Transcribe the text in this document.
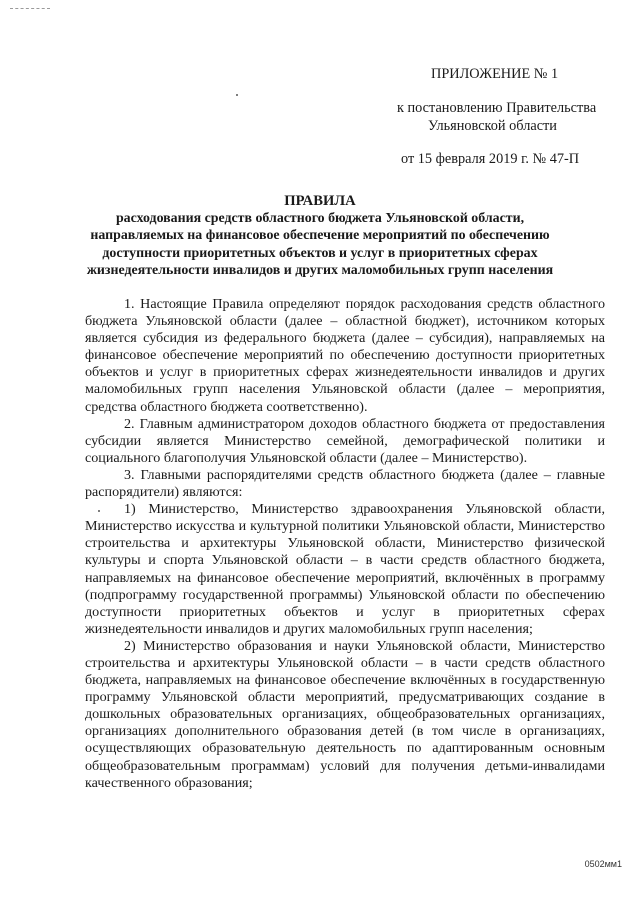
ПРИЛОЖЕНИЕ № 1
к постановлению Правительства
Ульяновской области
от 15 февраля 2019 г. № 47-П
ПРАВИЛА
расходования средств областного бюджета Ульяновской области, направляемых на финансовое обеспечение мероприятий по обеспечению доступности приоритетных объектов и услуг в приоритетных сферах жизнедеятельности инвалидов и других маломобильных групп населения

1. Настоящие Правила определяют порядок расходования средств областного бюджета Ульяновской области (далее – областной бюджет), источником которых является субсидия из федерального бюджета (далее – субсидия), направляемых на финансовое обеспечение мероприятий по обеспечению доступности приоритетных объектов и услуг в приоритетных сферах жизнедеятельности инвалидов и других маломобильных групп населения Ульяновской области (далее – мероприятия, средства областного бюджета соответственно).

2. Главным администратором доходов областного бюджета от предоставления субсидии является Министерство семейной, демографической политики и социального благополучия Ульяновской области (далее – Министерство).

3. Главными распорядителями средств областного бюджета (далее – главные распорядители) являются:

1) Министерство, Министерство здравоохранения Ульяновской области, Министерство искусства и культурной политики Ульяновской области, Министерство строительства и архитектуры Ульяновской области, Министерство физической культуры и спорта Ульяновской области – в части средств областного бюджета, направляемых на финансовое обеспечение мероприятий, включённых в программу (подпрограмму государственной программы) Ульяновской области по обеспечению доступности приоритетных объектов и услуг в приоритетных сферах жизнедеятельности инвалидов и других маломобильных групп населения;

2) Министерство образования и науки Ульяновской области, Министерство строительства и архитектуры Ульяновской области – в части средств областного бюджета, направляемых на финансовое обеспечение включённых в государственную программу Ульяновской области мероприятий, предусматривающих создание в дошкольных образовательных организациях, общеобразовательных организациях, организациях дополнительного образования детей (в том числе в организациях, осуществляющих образовательную деятельность по адаптированным основным общеобразовательным программам) условий для получения детьми-инвалидами качественного образования;

0502мм1
